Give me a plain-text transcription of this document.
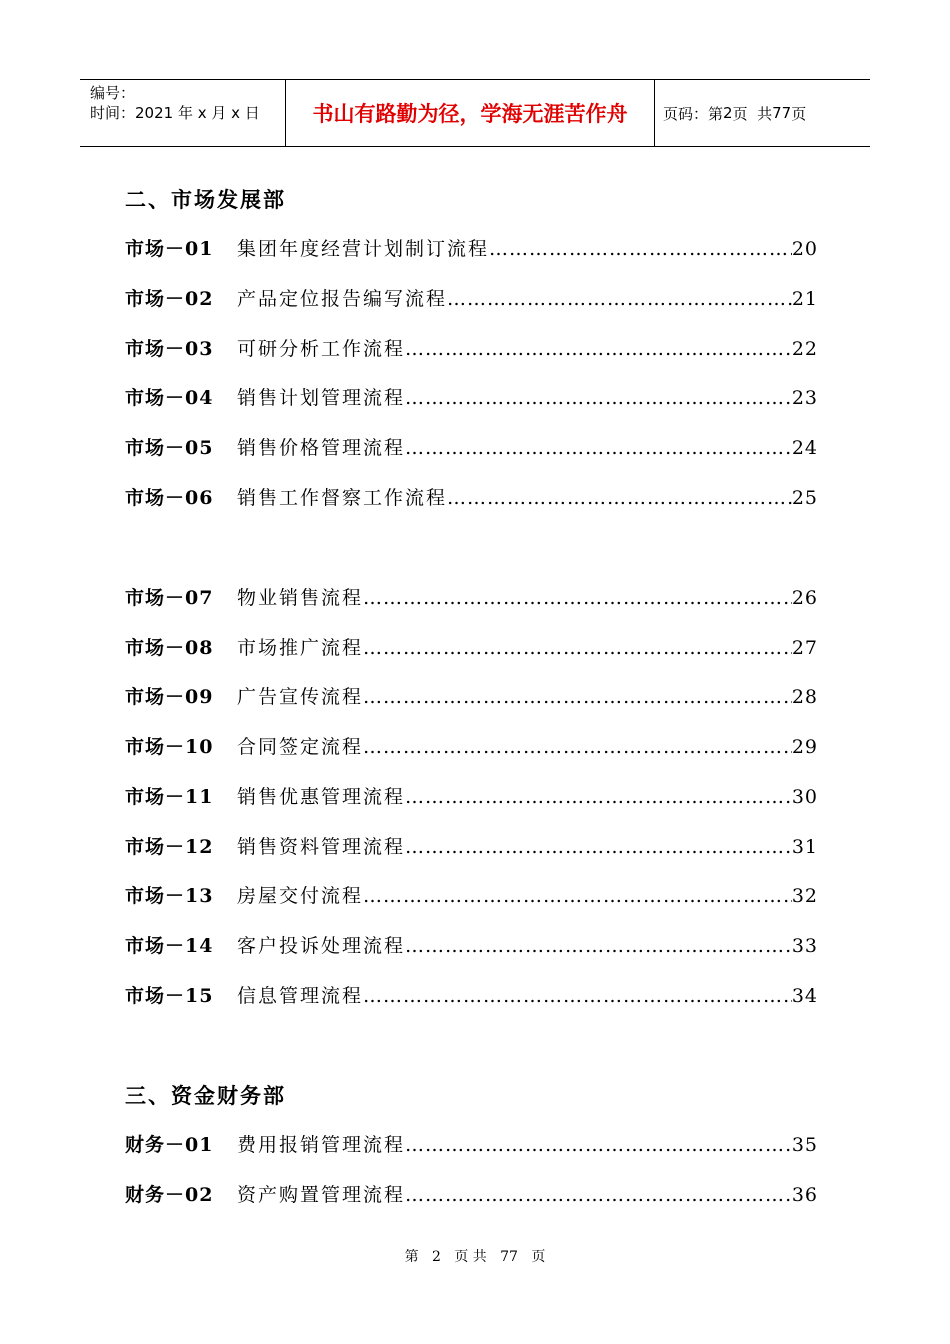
编号：
时间：2021 年 x 月 x 日	书山有路勤为径，学海无涯苦作舟	页码：第 2 页  共 77 页
二、市场发展部
市场－01	集团年度经营计划制订流程 …………………………………………………………………………………………………………………………………………………………………	20
市场－02	产品定位报告编写流程 …………………………………………………………………………………………………………………………………………………………………	21
市场－03	可研分析工作流程 …………………………………………………………………………………………………………………………………………………………………	22
市场－04	销售计划管理流程 …………………………………………………………………………………………………………………………………………………………………	23
市场－05	销售价格管理流程 …………………………………………………………………………………………………………………………………………………………………	24
市场－06	销售工作督察工作流程 …………………………………………………………………………………………………………………………………………………………………	25
市场－07	物业销售流程 …………………………………………………………………………………………………………………………………………………………………	26
市场－08	市场推广流程 …………………………………………………………………………………………………………………………………………………………………	27
市场－09	广告宣传流程 …………………………………………………………………………………………………………………………………………………………………	28
市场－10	合同签定流程 …………………………………………………………………………………………………………………………………………………………………	29
市场－11	销售优惠管理流程 …………………………………………………………………………………………………………………………………………………………………	30
市场－12	销售资料管理流程 …………………………………………………………………………………………………………………………………………………………………	31
市场－13	房屋交付流程 …………………………………………………………………………………………………………………………………………………………………	32
市场－14	客户投诉处理流程 …………………………………………………………………………………………………………………………………………………………………	33
市场－15	信息管理流程 …………………………………………………………………………………………………………………………………………………………………	34
三、资金财务部
财务－01	费用报销管理流程 …………………………………………………………………………………………………………………………………………………………………	35
财务－02	资产购置管理流程 …………………………………………………………………………………………………………………………………………………………………	36
第 2 页 共 77 页
